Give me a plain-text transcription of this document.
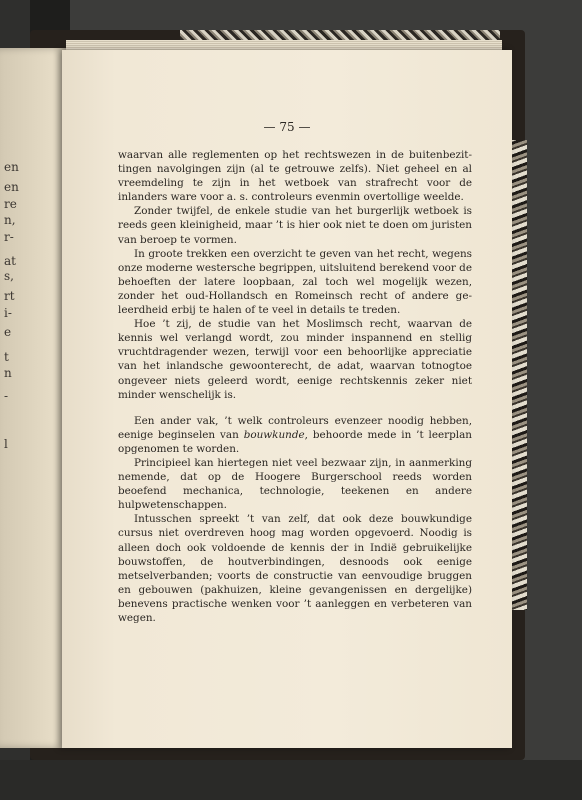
en
en
re
n,
r-
at
s,
rt
i-
e
t
n
-
l
— 75 —

waarvan alle reglementen op het rechtswezen in de buitenbezittingen navolgingen zijn (al te getrouwe zelfs). Niet geheel en al vreemdeling te zijn in het wetboek van strafrecht voor de inlanders ware voor a. s. controleurs evenmin overtollige weelde.

Zonder twijfel, de enkele studie van het burgerlijk wetboek is reeds geen kleinigheid, maar ’t is hier ook niet te doen om juristen van beroep te vormen.

In groote trekken een overzicht te geven van het recht, wegens onze moderne westersche begrippen, uitsluitend berekend voor de behoeften der latere loopbaan, zal toch wel mogelijk wezen, zonder het oud-Hollandsch en Romeinsch recht of andere geleerdheid erbij te halen of te veel in details te treden.

Hoe ’t zij, de studie van het Moslimsch recht, waarvan de kennis wel verlangd wordt, zou minder inspannend en stellig vruchtdragender wezen, terwijl voor een behoorlijke appreciatie van het inlandsche gewoonterecht, de adat, waarvan totnogtoe ongeveer niets geleerd wordt, eenige rechtskennis zeker niet minder wenschelijk is.

Een ander vak, ’t welk controleurs evenzeer noodig hebben, eenige beginselen van bouwkunde, behoorde mede in ’t leerplan opgenomen te worden.

Principieel kan hiertegen niet veel bezwaar zijn, in aanmerking nemende, dat op de Hoogere Burgerschool reeds worden beoefend mechanica, technologie, teekenen en andere hulpwetenschappen.

Intusschen spreekt ’t van zelf, dat ook deze bouwkundige cursus niet overdreven hoog mag worden opgevoerd. Noodig is alleen doch ook voldoende de kennis der in Indië gebruikelijke bouwstoffen, de houtverbindingen, desnoods ook eenige metselverbanden; voorts de constructie van eenvoudige bruggen en gebouwen (pakhuizen, kleine gevangenissen en dergelijke) benevens practische wenken voor ’t aanleggen en verbeteren van wegen.
